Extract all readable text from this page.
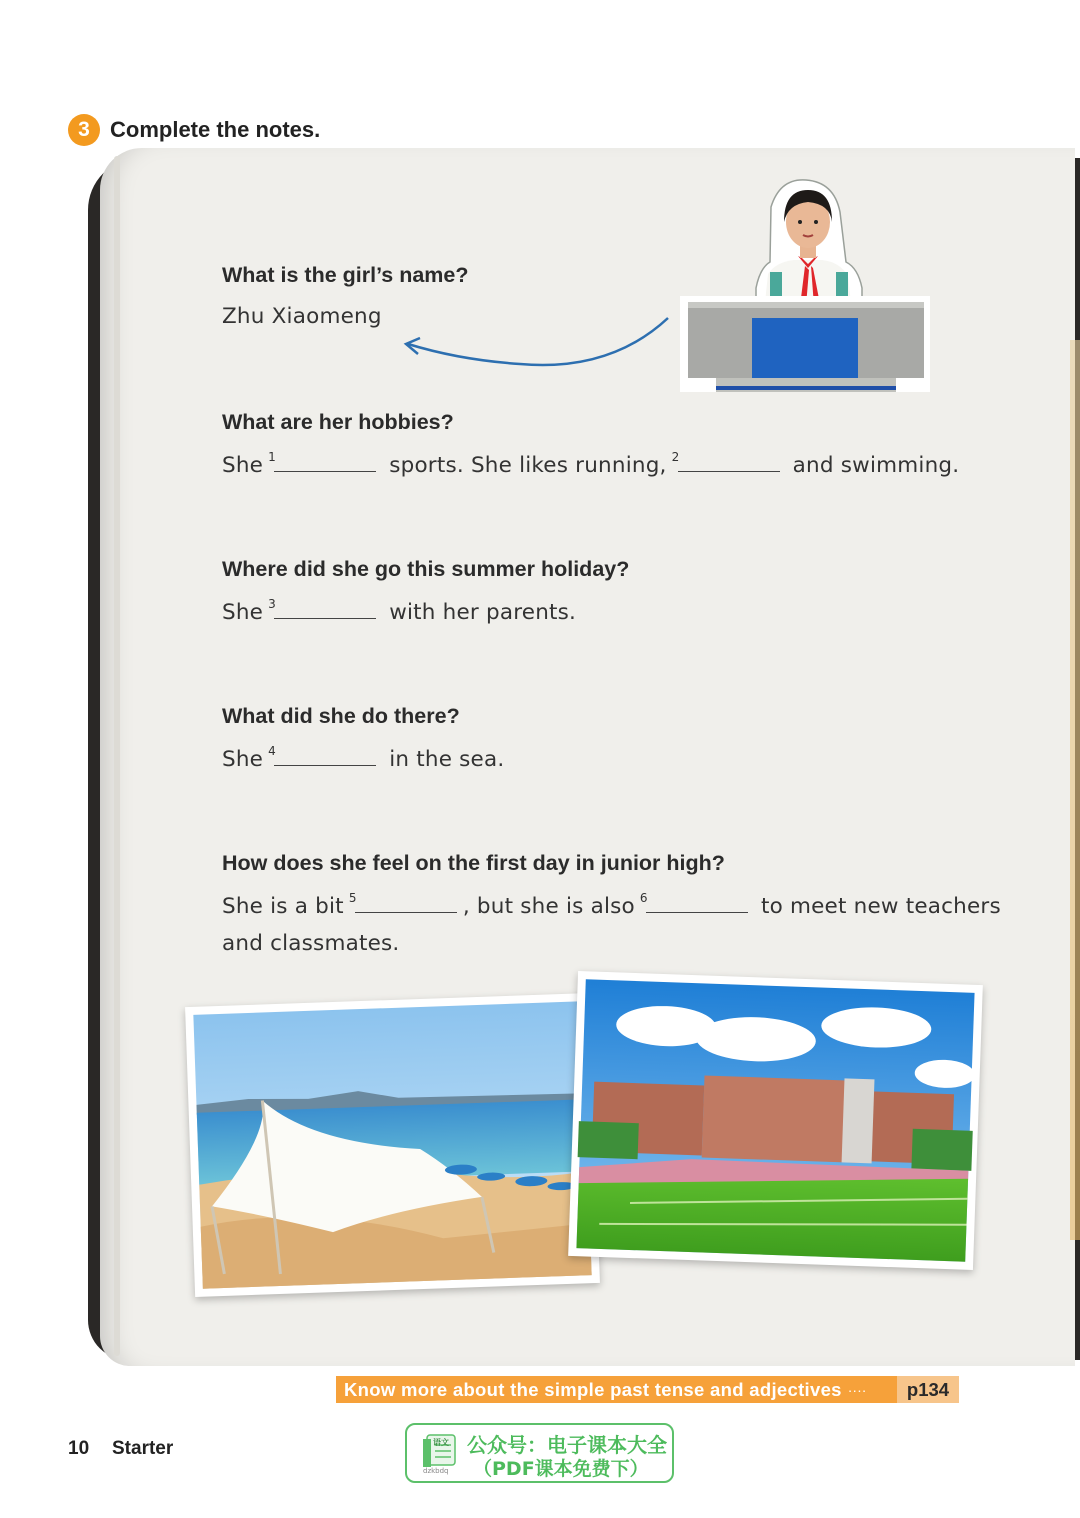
3 Complete the notes.
What is the girl’s name?
Zhu Xiaomeng
What are her hobbies?
She 1	sports. She likes running, 2	and swimming.
Where did she go this summer holiday?
She 3	with her parents.
What did she do there?
She 4	in the sea.
How does she feel on the first day in junior high?
She is a bit 5	, but she is also 6	to meet new teachers
and classmates.
Know more about the simple past tense and adjectives ····	p134
10 Starter	语文
dzkbdq
公众号：电子课本大全
（PDF课本免费下）
